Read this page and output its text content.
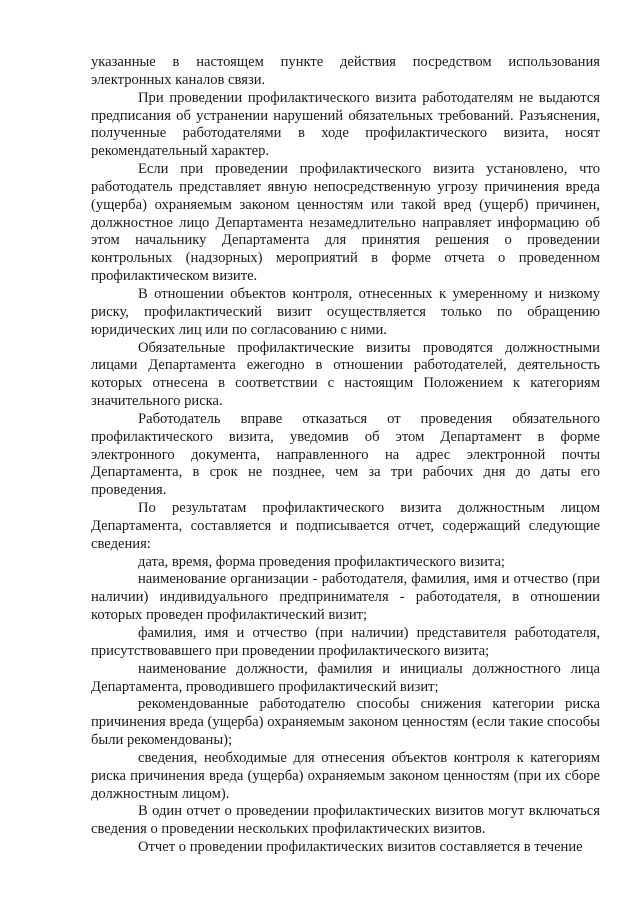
указанные в настоящем пункте действия посредством использования электронных каналов связи.

При проведении профилактического визита работодателям не выдаются предписания об устранении нарушений обязательных требований. Разъяснения, полученные работодателями в ходе профилактического визита, носят рекомендательный характер.

Если при проведении профилактического визита установлено, что работодатель представляет явную непосредственную угрозу причинения вреда (ущерба) охраняемым законом ценностям или такой вред (ущерб) причинен, должностное лицо Департамента незамедлительно направляет информацию об этом начальнику Департамента для принятия решения о проведении контрольных (надзорных) мероприятий в форме отчета о проведенном профилактическом визите.

В отношении объектов контроля, отнесенных к умеренному и низкому риску, профилактический визит осуществляется только по обращению юридических лиц или по согласованию с ними.

Обязательные профилактические визиты проводятся должностными лицами Департамента ежегодно в отношении работодателей, деятельность которых отнесена в соответствии с настоящим Положением к категориям значительного риска.

Работодатель вправе отказаться от проведения обязательного профилактического визита, уведомив об этом Департамент в форме электронного документа, направленного на адрес электронной почты Департамента, в срок не позднее, чем за три рабочих дня до даты его проведения.

По результатам профилактического визита должностным лицом Департамента, составляется и подписывается отчет, содержащий следующие сведения:

дата, время, форма проведения профилактического визита;

наименование организации - работодателя, фамилия, имя и отчество (при наличии) индивидуального предпринимателя - работодателя, в отношении которых проведен профилактический визит;

фамилия, имя и отчество (при наличии) представителя работодателя, присутствовавшего при проведении профилактического визита;

наименование должности, фамилия и инициалы должностного лица Департамента, проводившего профилактический визит;

рекомендованные работодателю способы снижения категории риска причинения вреда (ущерба) охраняемым законом ценностям (если такие способы были рекомендованы);

сведения, необходимые для отнесения объектов контроля к категориям риска причинения вреда (ущерба) охраняемым законом ценностям (при их сборе должностным лицом).

В один отчет о проведении профилактических визитов могут включаться сведения о проведении нескольких профилактических визитов.

Отчет о проведении профилактических визитов составляется в течение
